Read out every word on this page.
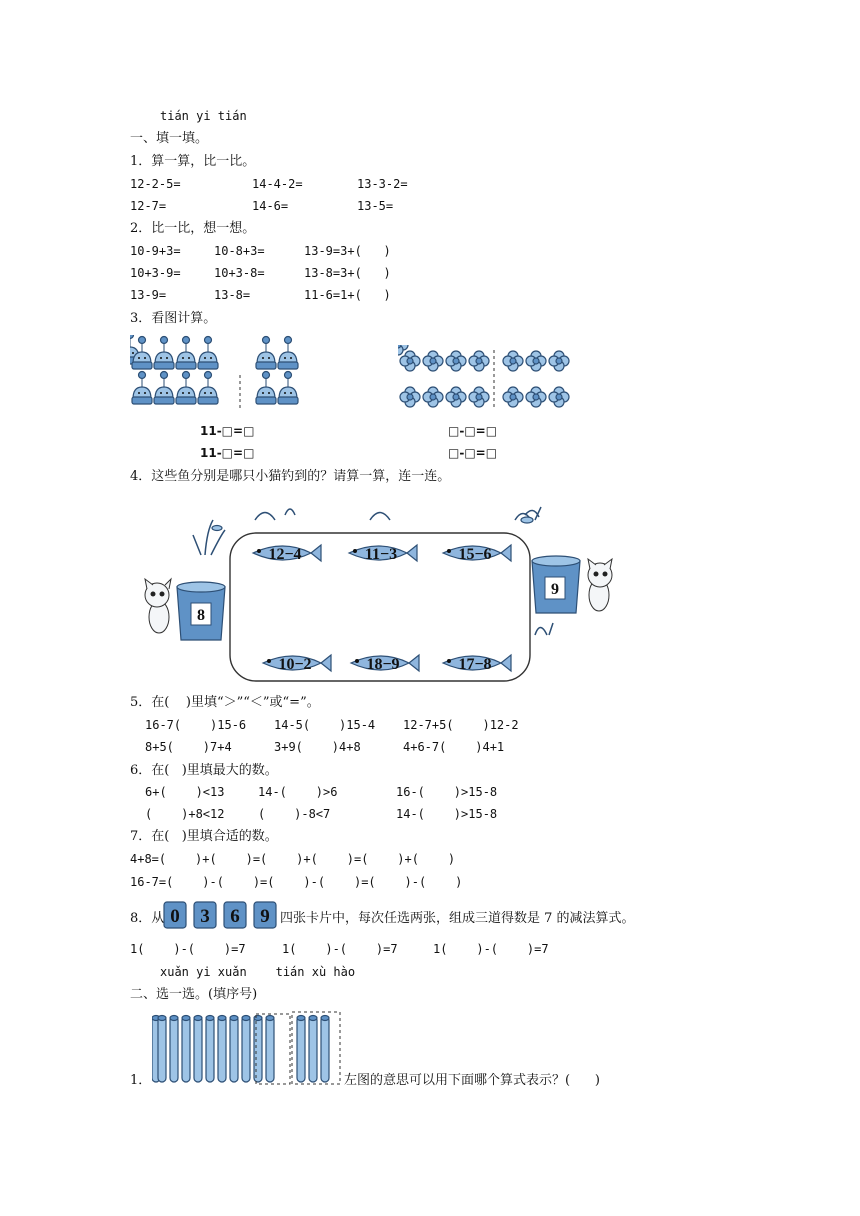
tián yi tián
一、填一填。
1．算一算，比一比。
12-2-5=	14-4-2=	13-3-2=
12-7=	14-6=	13-5=
2．比一比，想一想。
10-9+3=	10-8+3=	13-9=3+(   )
10+3-9=	10+3-8=	13-8=3+(   )
13-9=	13-8=	11-6=1+(   )
3．看图计算。
11-□=□
11-□=□
□-□=□
□-□=□
4．这些鱼分别是哪只小猫钓到的？请算一算，连一连。
8
9
12−4	11−3	15−6
10−2	18−9	17−8
5．在(    )里填“＞”“＜”或“=”。
16-7(    )15-6 14-5(    )15-4 12-7+5(    )12-2
8+5(    )7+4	3+9(    )4+8	4+6-7(    )4+1
6．在(   )里填最大的数。
6+(    )<13	14-(    )>6	16-(    )>15-8
(    )+8<12	(    )-8<7	14-(    )>15-8
7．在(   )里填合适的数。
4+8=(    )+(    )=(    )+(    )=(    )+(    )
16-7=(    )-(    )=(    )-(    )=(    )-(    )
8．从 0 3 6 9 四张卡片中，每次任选两张，组成三道得数是 7 的减法算式。
1(    )-(    )=7	1(    )-(    )=7	1(    )-(    )=7
xuǎn yi xuǎn    tián xù hào
二、选一选。(填序号)
1．	左图的意思可以用下面哪个算式表示？(      )
